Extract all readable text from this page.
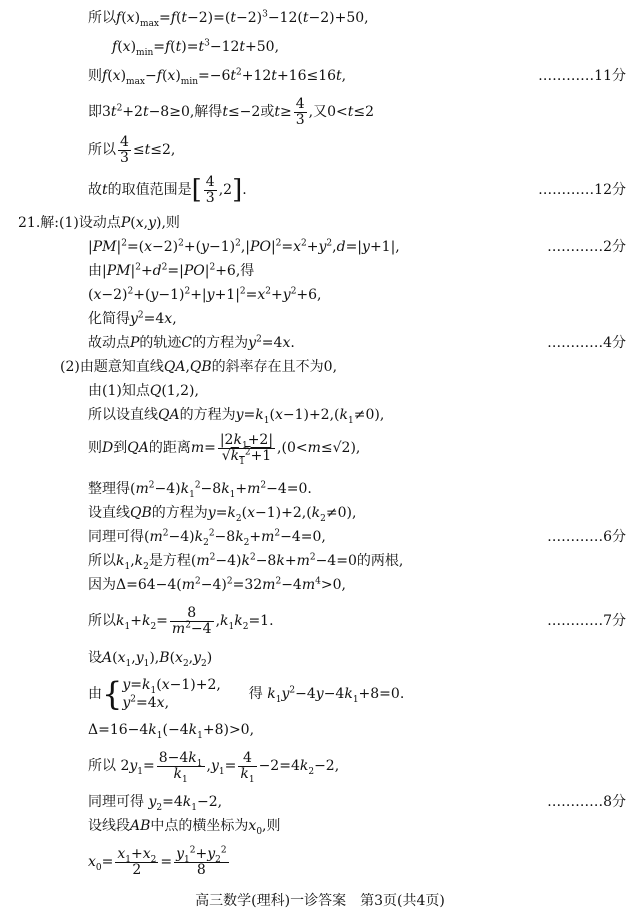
所以$f(x)_{max}=f(t-2)=(t-2)^3-12(t-2)+50$,
$f(x)_{min}=f(t)=t^3-12t+50$,
则$f(x)_{max}-f(x)_{min}=-6t^2+12t+16\le 16t$,	…………11分
即$3t^2+2t-8\ge 0$,解得t≤−2或$t\ge \frac{4}{3}$ ,又0<t≤2
所以 $\frac{4}{3} \le t\le 2$,
故t的取值范围是[ $\frac{4}{3} ,2$].	…………12分
21.解:(1)设动点P(x,y),则
$|PM|^2=(x-2)^2+(y-1)^2,|PO|^2=x^2+y^2,d=|y+1|$,	…………2分
由$|PM|^2+d^2=|PO|^2+6$,得
$(x-2)^2+(y-1)^2+|y+1|^2=x^2+y^2+6$,
化简得$y^2=4x$,
故动点P的轨迹C的方程为$y^2=4x$.	…………4分
(2)由题意知直线QA,QB的斜率存在且不为0,
由(1)知点Q(1,2),
所以设直线QA的方程为$y=k_1(x-1)+2,(k_1\ne 0)$,
则D到QA的距离$m= \frac{|2k_1+2|}{√k_1^2+1} ,(0<m\le√2)$,
整理得$(m^2-4)k_1^2-8k_1+m^2-4=0$.
设直线QB的方程为$y=k_2(x-1)+2,(k_2\ne 0)$,
同理可得$(m^2-4)k_2^2-8k_2+m^2-4=0$,	…………6分
所以$k_1,k_2$是方程$(m^2-4)k^2-8k+m^2-4=0$的两根,
因为$\Delta=64-4(m^2-4)^2=32m^2-4m^4>0$,
所以$k_1+k_2= \frac{8}{m^2-4} ,k_1k_2=1$.	…………7分
设$A(x_1,y_1),B(x_2,y_2)$
由{$y=k_1(x-1)+2$,
$y^2=4x$,　　得 $k_1y^2-4y-4k_1+8=0$.
$\Delta=16-4k_1(-4k_1+8)>0$,
所以 $2y_1= \frac{8-4k_1}{k_1} ,y_1= \frac{4}{k_1} -2=4k_2-2$,
同理可得 $y_2=4k_1-2$,	…………8分
设线段AB中点的横坐标为$x_0$,则
$x_0= \frac{x_1+x_2}{2} = \frac{y_1^2+y_2^2}{8}$
高三数学(理科)一诊答案　第3页(共4页)
